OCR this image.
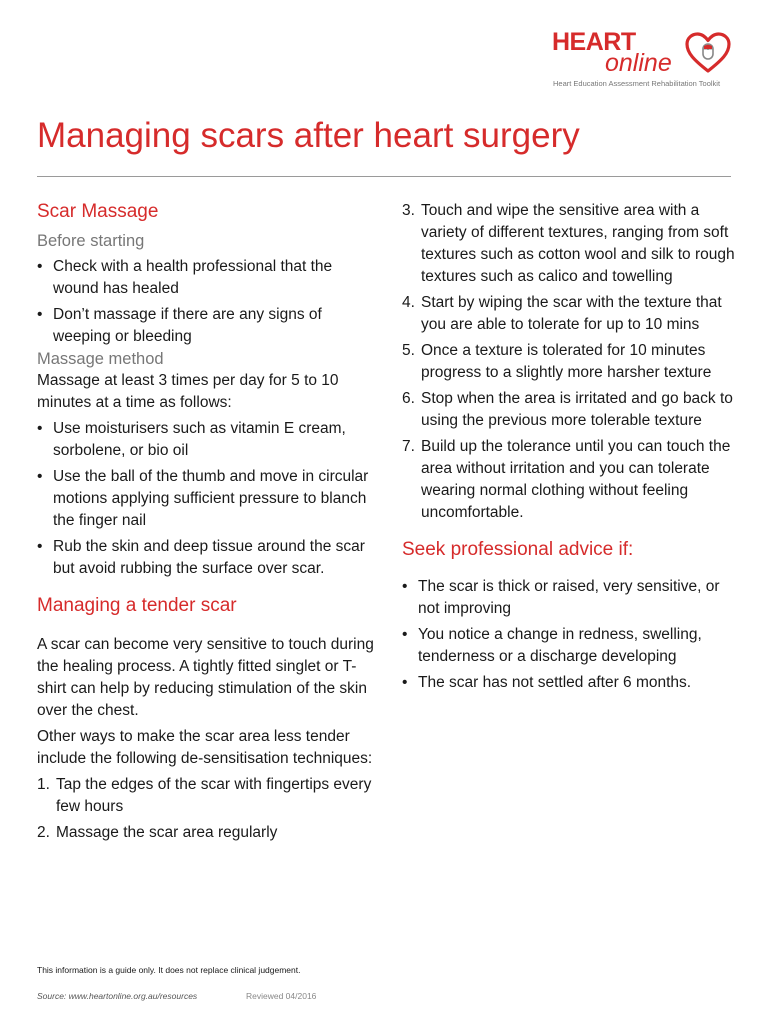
HEART
online
Heart Education Assessment Rehabilitation Toolkit
Managing scars after heart surgery
Scar Massage
Before starting
• Check with a health professional that the wound has healed
• Don’t massage if there are any signs of weeping or bleeding
Massage method

Massage at least 3 times per day for 5 to 10 minutes at a time as follows:

• Use moisturisers such as vitamin E cream, sorbolene, or bio oil
• Use the ball of the thumb and move in circular motions applying sufficient pressure to blanch the finger nail
• Rub the skin and deep tissue around the scar but avoid rubbing the surface over scar.
Managing a tender scar

A scar can become very sensitive to touch during the healing process. A tightly fitted singlet or T-shirt can help by reducing stimulation of the skin over the chest.

Other ways to make the scar area less tender include the following de-sensitisation techniques:

1. Tap the edges of the scar with fingertips every few hours
2. Massage the scar area regularly
3. Touch and wipe the sensitive area with a variety of different textures, ranging from soft textures such as cotton wool and silk to rough textures such as calico and towelling
4. Start by wiping the scar with the texture that you are able to tolerate for up to 10 mins
5. Once a texture is tolerated for 10 minutes progress to a slightly more harsher texture
6. Stop when the area is irritated and go back to using the previous more tolerable texture
7. Build up the tolerance until you can touch the area without irritation and you can tolerate wearing normal clothing without feeling uncomfortable.
Seek professional advice if:
• The scar is thick or raised, very sensitive, or not improving
• You notice a change in redness, swelling, tenderness or a discharge developing
• The scar has not settled after 6 months.

This information is a guide only. It does not replace clinical judgement.

Source: www.heartonline.org.au/resources	Reviewed 04/2016
